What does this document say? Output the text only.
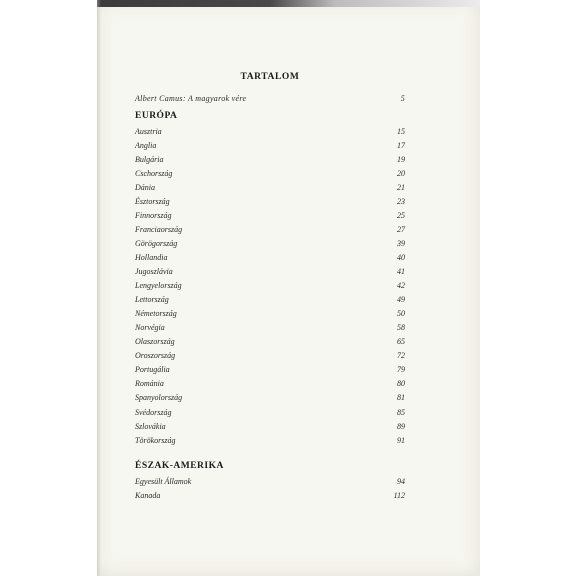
TARTALOM
Albert Camus: A magyarok vére	5
EURÓPA
Ausztria	15
Anglia	17
Bulgária	19
Cschország	20
Dánia	21
Észtország	23
Finnország	25
Franciaország	27
Görögország	39
Hollandia	40
Jugoszlávia	41
Lengyelország	42
Lettország	49
Németország	50
Norvégia	58
Olaszország	65
Oroszország	72
Portugália	79
Románia	80
Spanyolország	81
Svédország	85
Szlovákia	89
Törökország	91
ÉSZAK-AMERIKA
Egyesült Államok	94
Kanada	112
